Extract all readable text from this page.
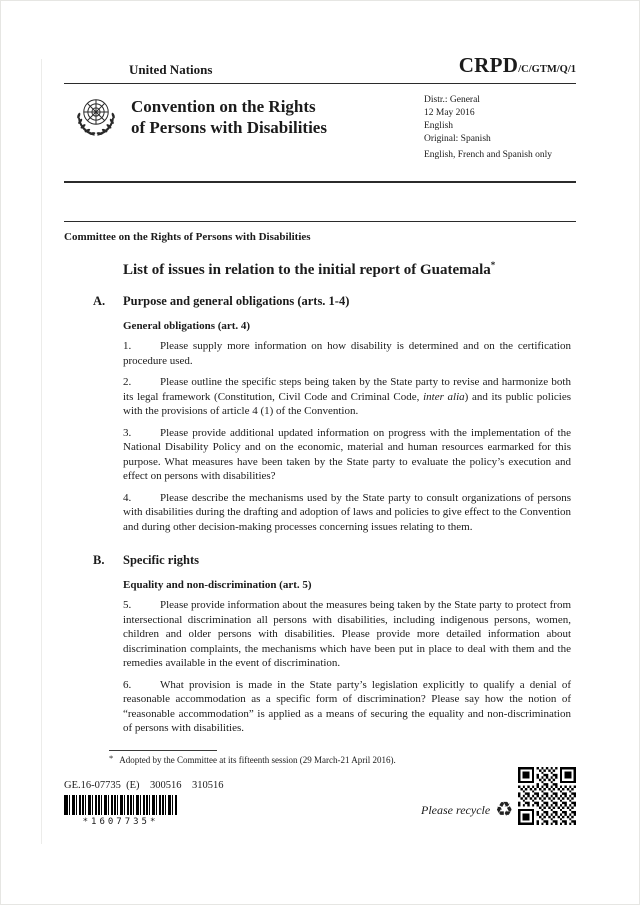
United Nations	CRPD/C/GTM/Q/1
Convention on the Rights
of Persons with Disabilities
Distr.: General
12 May 2016
English
Original: Spanish
English, French and Spanish only
Committee on the Rights of Persons with Disabilities
List of issues in relation to the initial report of Guatemala*
A.	Purpose and general obligations (arts. 1-4)
General obligations (art. 4)

1.	Please supply more information on how disability is determined and on the certification procedure used.

2.	Please outline the specific steps being taken by the State party to revise and harmonize both its legal framework (Constitution, Civil Code and Criminal Code, inter alia) and its public policies with the provisions of article 4 (1) of the Convention.

3.	Please provide additional updated information on progress with the implementation of the National Disability Policy and on the economic, material and human resources earmarked for this purpose. What measures have been taken by the State party to evaluate the policy’s execution and effect on persons with disabilities?

4.	Please describe the mechanisms used by the State party to consult organizations of persons with disabilities during the drafting and adoption of laws and policies to give effect to the Convention and during other decision-making processes concerning issues relating to them.

B.	Specific rights
Equality and non-discrimination (art. 5)

5.	Please provide information about the measures being taken by the State party to protect from intersectional discrimination all persons with disabilities, including indigenous persons, women, children and older persons with disabilities. Please provide more detailed information about discrimination complaints, the mechanisms which have been put in place to deal with them and the remedies available in the event of discrimination.

6.	What provision is made in the State party’s legislation explicitly to qualify a denial of reasonable accommodation as a specific form of discrimination? Please say how the notion of “reasonable accommodation” is applied as a means of securing the equality and non-discrimination of persons with disabilities.

* Adopted by the Committee at its fifteenth session (29 March-21 April 2016).
GE.16-07735  (E)    300516    310516
*1607735*
Please recycle ♻
